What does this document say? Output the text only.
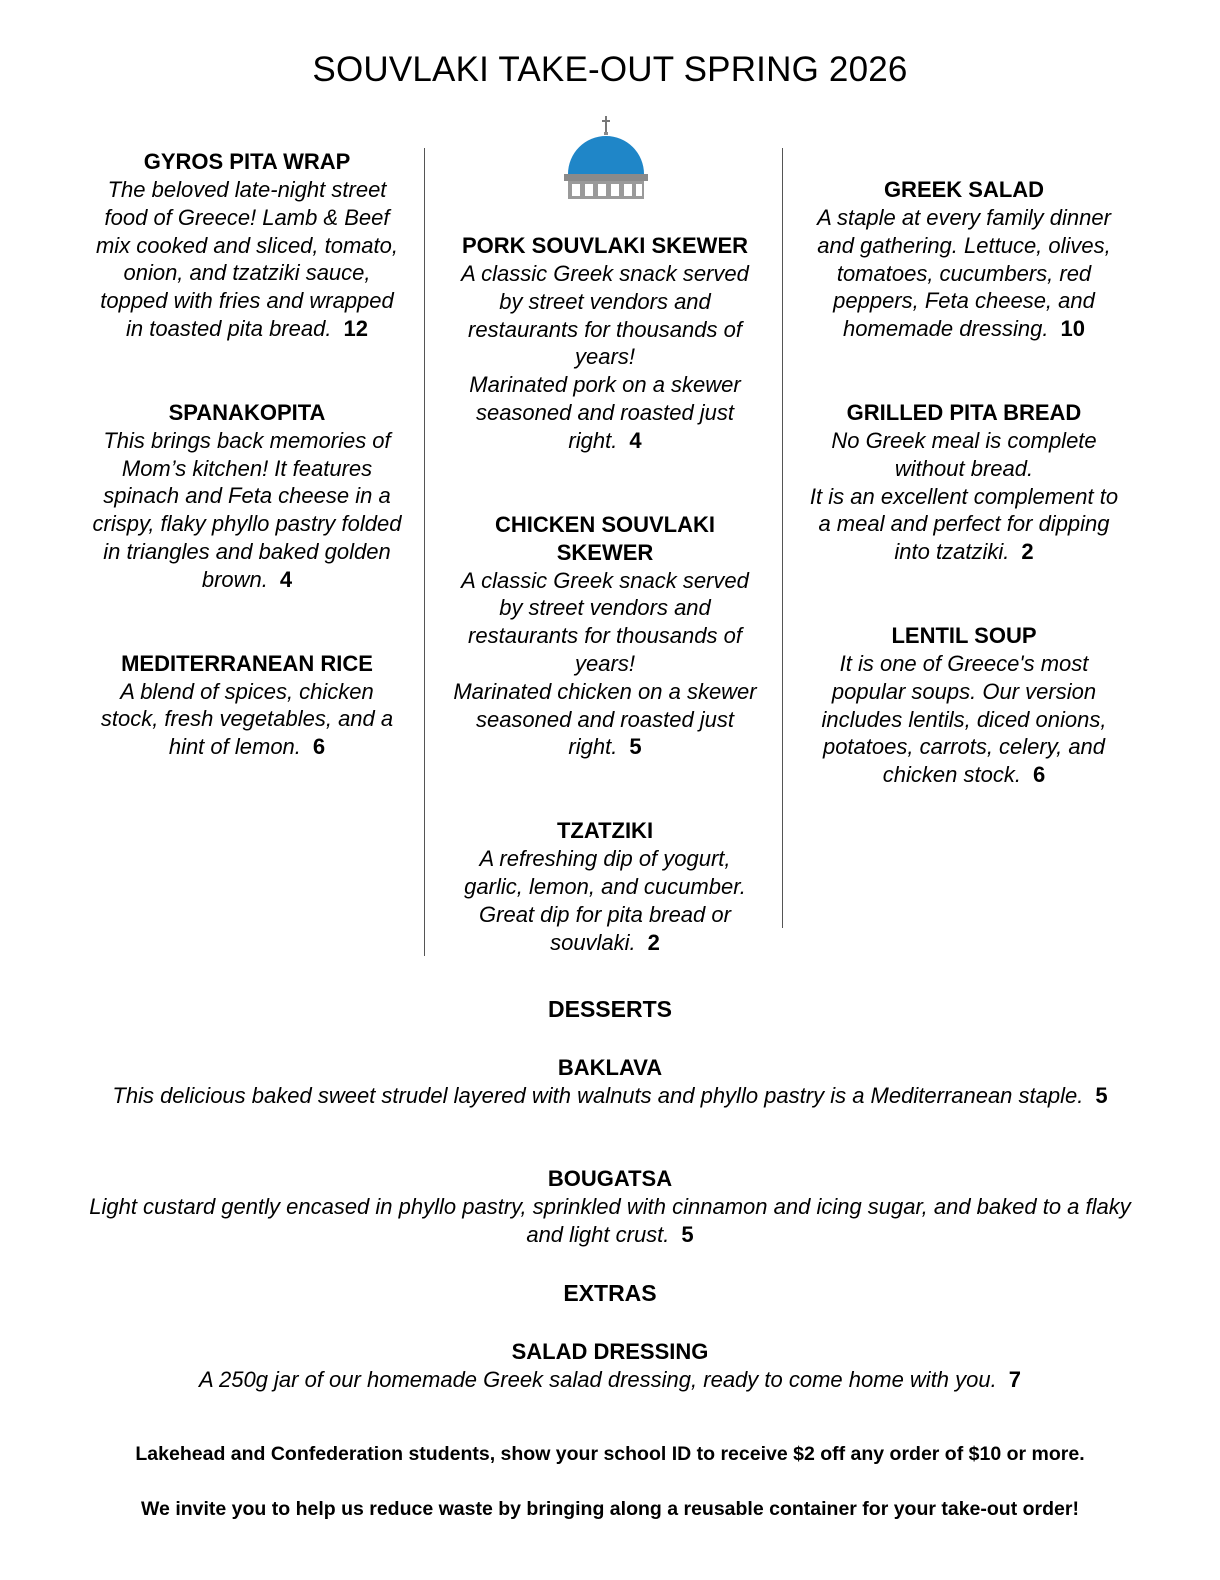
SOUVLAKI TAKE-OUT SPRING 2026
GYROS PITA WRAP
The beloved late-night street food of Greece! Lamb & Beef mix cooked and sliced, tomato, onion, and tzatziki sauce, topped with fries and wrapped in toasted pita bread. 12
SPANAKOPITA
This brings back memories of Mom’s kitchen! It features spinach and Feta cheese in a crispy, flaky phyllo pastry folded in triangles and baked golden brown. 4
MEDITERRANEAN RICE
A blend of spices, chicken stock, fresh vegetables, and a hint of lemon. 6
PORK SOUVLAKI SKEWER
A classic Greek snack served by street vendors and restaurants for thousands of years!
Marinated pork on a skewer seasoned and roasted just right. 4
CHICKEN SOUVLAKI SKEWER
A classic Greek snack served by street vendors and restaurants for thousands of years!
Marinated chicken on a skewer seasoned and roasted just right. 5
TZATZIKI
A refreshing dip of yogurt, garlic, lemon, and cucumber. Great dip for pita bread or souvlaki. 2
GREEK SALAD
A staple at every family dinner and gathering. Lettuce, olives, tomatoes, cucumbers, red peppers, Feta cheese, and homemade dressing. 10
GRILLED PITA BREAD
No Greek meal is complete without bread.
It is an excellent complement to a meal and perfect for dipping into tzatziki. 2
LENTIL SOUP
It is one of Greece's most popular soups. Our version includes lentils, diced onions, potatoes, carrots, celery, and chicken stock. 6
DESSERTS
BAKLAVA
This delicious baked sweet strudel layered with walnuts and phyllo pastry is a Mediterranean staple. 5
BOUGATSA
Light custard gently encased in phyllo pastry, sprinkled with cinnamon and icing sugar, and baked to a flaky and light crust. 5
EXTRAS
SALAD DRESSING
A 250g jar of our homemade Greek salad dressing, ready to come home with you. 7
Lakehead and Confederation students, show your school ID to receive $2 off any order of $10 or more.
We invite you to help us reduce waste by bringing along a reusable container for your take-out order!
